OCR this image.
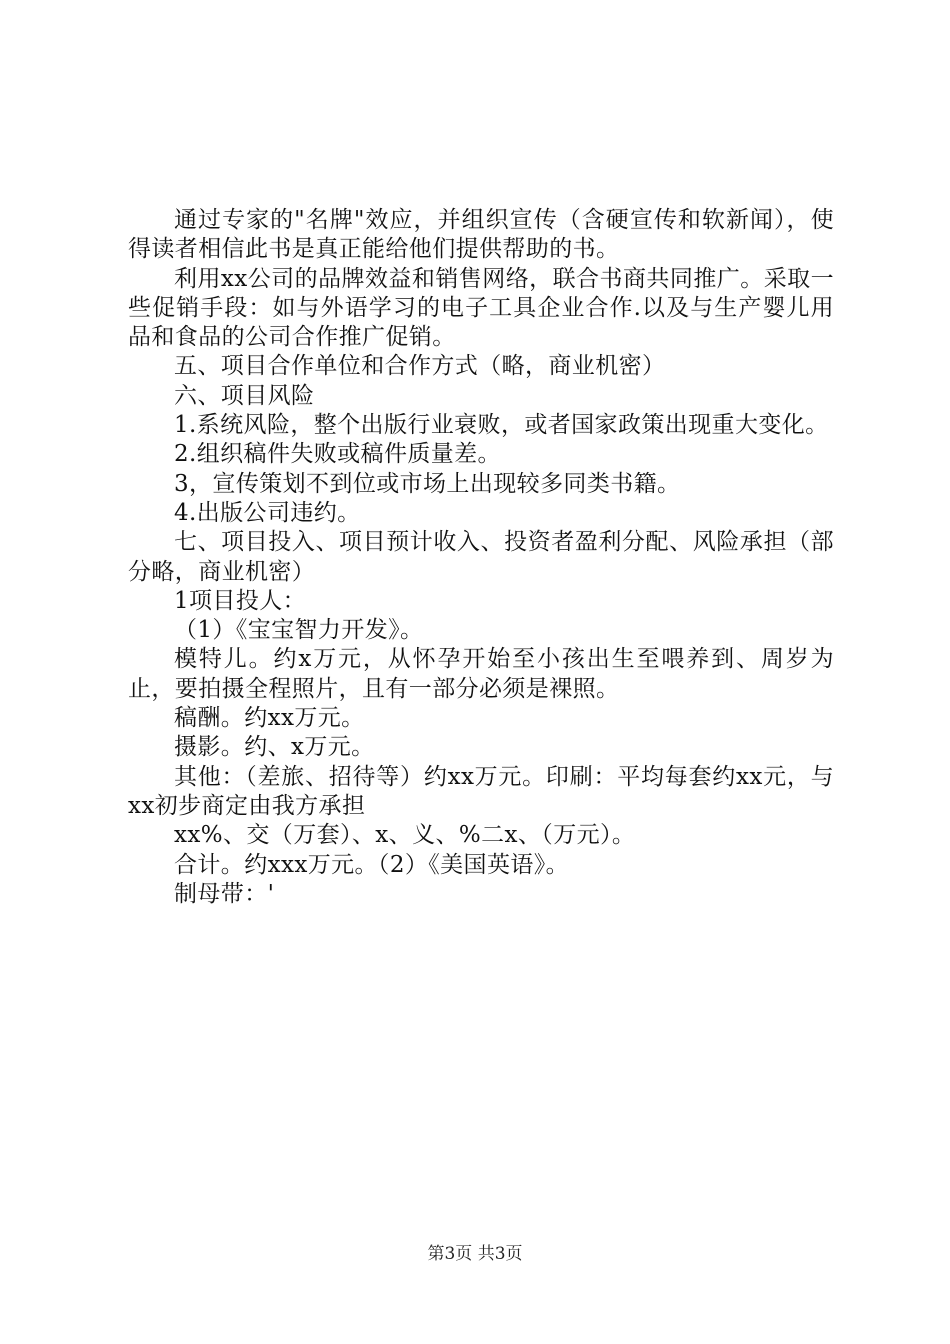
通过专家的"名牌"效应，并组织宣传（含硬宣传和软新闻），使得读者相信此书是真正能给他们提供帮助的书。

利用xx公司的品牌效益和销售网络，联合书商共同推广。采取一些促销手段：如与外语学习的电子工具企业合作.以及与生产婴儿用品和食品的公司合作推广促销。

五、项目合作单位和合作方式（略，商业机密）

六、项目风险

1.系统风险，整个出版行业衰败，或者国家政策出现重大变化。

2.组织稿件失败或稿件质量差。

3，宣传策划不到位或市场上出现较多同类书籍。

4.出版公司违约。

七、项目投入、项目预计收入、投资者盈利分配、风险承担（部分略，商业机密）

1项目投人：

（1）《宝宝智力开发》。

模特儿。约x万元，从怀孕开始至小孩出生至喂养到、周岁为止，要拍摄全程照片，且有一部分必须是裸照。

稿酬。约xx万元。

摄影。约、x万元。

其他：（差旅、招待等）约xx万元。印刷：平均每套约xx元，与xx初步商定由我方承担

xx%、交（万套）、x、义、%二x、（万元）。

合计。约xxx万元。（2）《美国英语》。

制母带：'

第3页 共3页
